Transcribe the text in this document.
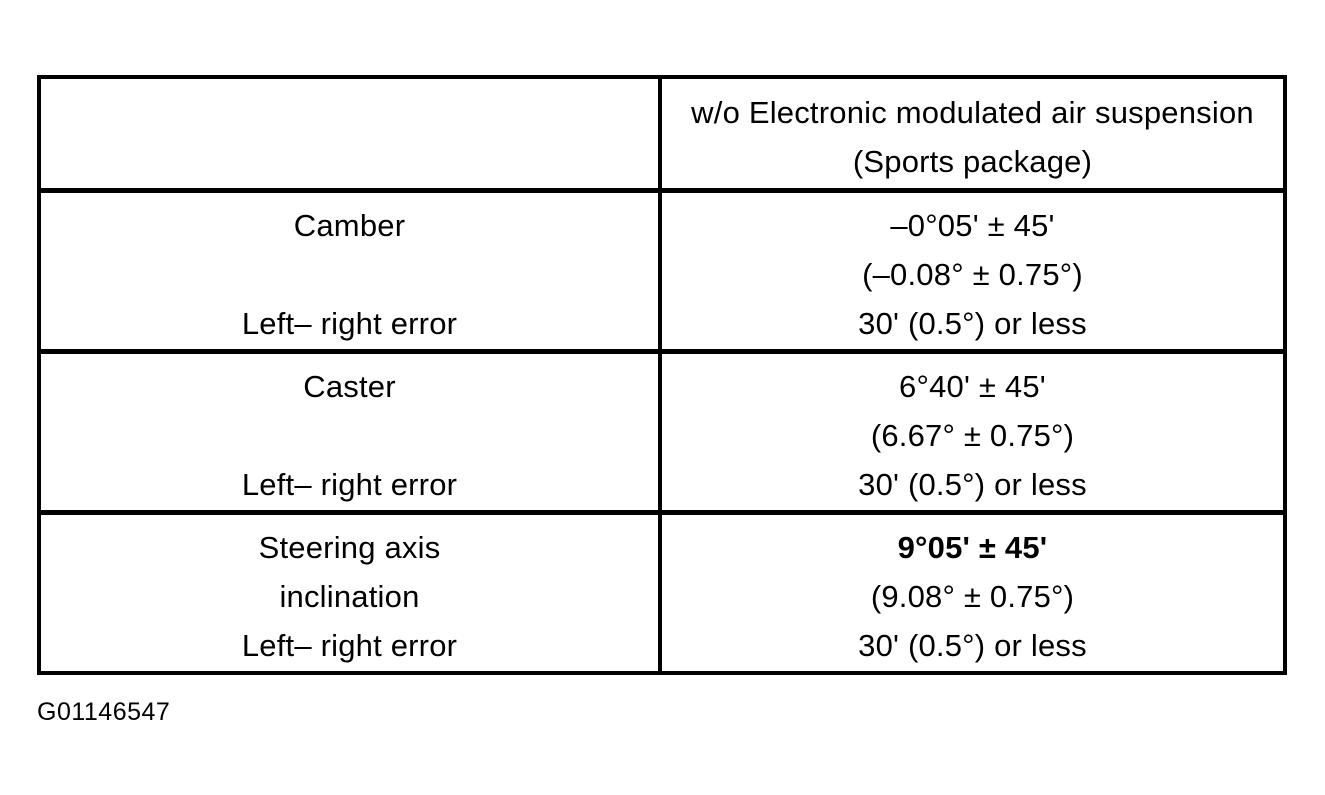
w/o Electronic modulated air suspension
(Sports package)
Camber
Left– right error
–0°05' ± 45'
(–0.08° ± 0.75°)
30' (0.5°) or less
Caster
Left– right error
6°40' ± 45'
(6.67° ± 0.75°)
30' (0.5°) or less
Steering axis
inclination
Left– right error
9°05' ± 45'
(9.08° ± 0.75°)
30' (0.5°) or less
G01146547
